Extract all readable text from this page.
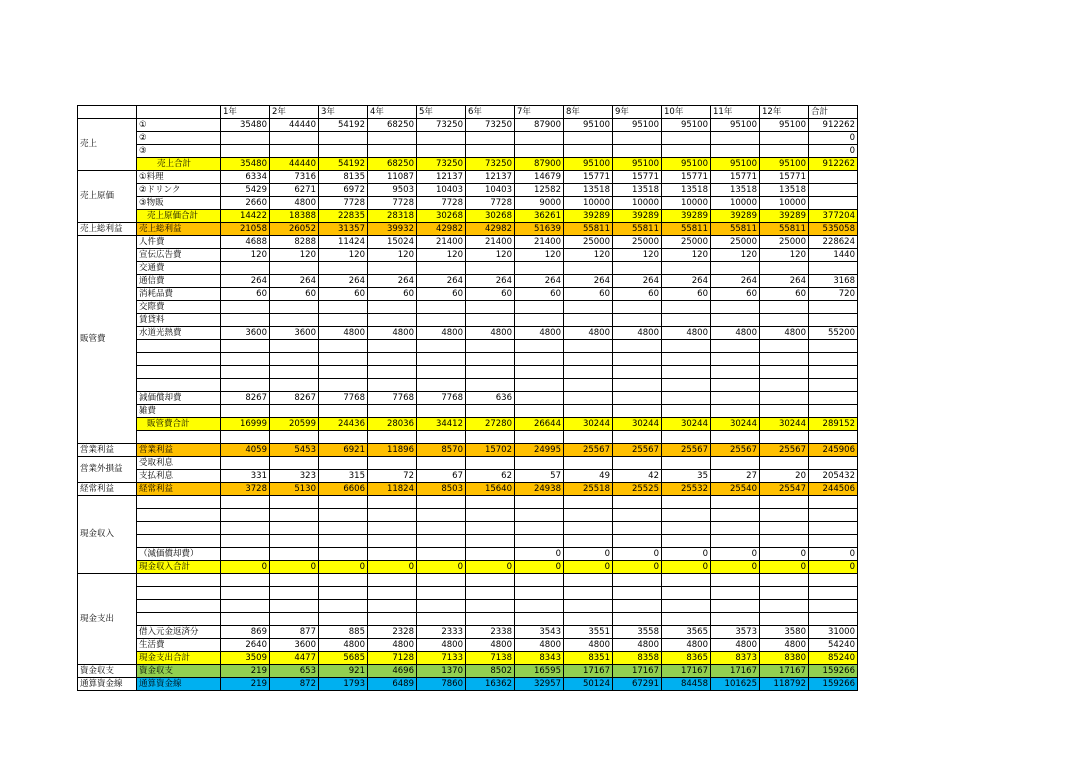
		1年	2年	3年	4年	5年	6年	7年	8年	9年	10年	11年	12年	合計
売上	①	35480	44440	54192	68250	73250	73250	87900	95100	95100	95100	95100	95100	912262
	②													0
	③													0
	売上合計	35480	44440	54192	68250	73250	73250	87900	95100	95100	95100	95100	95100	912262
売上原価	①料理	6334	7316	8135	11087	12137	12137	14679	15771	15771	15771	15771	15771	
	②ドリンク	5429	6271	6972	9503	10403	10403	12582	13518	13518	13518	13518	13518	
	③物販	2660	4800	7728	7728	7728	7728	9000	10000	10000	10000	10000	10000	
	売上原価合計	14422	18388	22835	28318	30268	30268	36261	39289	39289	39289	39289	39289	377204
売上総利益	売上総利益	21058	26052	31357	39932	42982	42982	51639	55811	55811	55811	55811	55811	535058
販管費	人件費	4688	8288	11424	15024	21400	21400	21400	25000	25000	25000	25000	25000	228624
	宣伝広告費	120	120	120	120	120	120	120	120	120	120	120	120	1440
	交通費													
	通信費	264	264	264	264	264	264	264	264	264	264	264	264	3168
	消耗品費	60	60	60	60	60	60	60	60	60	60	60	60	720
	交際費													
	賃貸料													
	水道光熱費	3600	3600	4800	4800	4800	4800	4800	4800	4800	4800	4800	4800	55200

	減価償却費	8267	8267	7768	7768	7768	636							
	雑費													
	販管費合計	16999	20599	24436	28036	34412	27280	26644	30244	30244	30244	30244	30244	289152

営業利益	営業利益	4059	5453	6921	11896	8570	15702	24995	25567	25567	25567	25567	25567	245906
営業外損益	受取利息													
	支払利息	331	323	315	72	67	62	57	49	42	35	27	20	205432
経常利益	経常利益	3728	5130	6606	11824	8503	15640	24938	25518	25525	25532	25540	25547	244506
現金収入														

	（減価償却費）							0	0	0	0	0	0	0
	現金収入合計	0	0	0	0	0	0	0	0	0	0	0	0	0
現金支出														

	借入元金返済分	869	877	885	2328	2333	2338	3543	3551	3558	3565	3573	3580	31000
	生活費	2640	3600	4800	4800	4800	4800	4800	4800	4800	4800	4800	4800	54240
	現金支出合計	3509	4477	5685	7128	7133	7138	8343	8351	8358	8365	8373	8380	85240
資金収支	資金収支	219	653	921	4696	1370	8502	16595	17167	17167	17167	17167	17167	159266
通算資金線	通算資金線	219	872	1793	6489	7860	16362	32957	50124	67291	84458	101625	118792	159266
